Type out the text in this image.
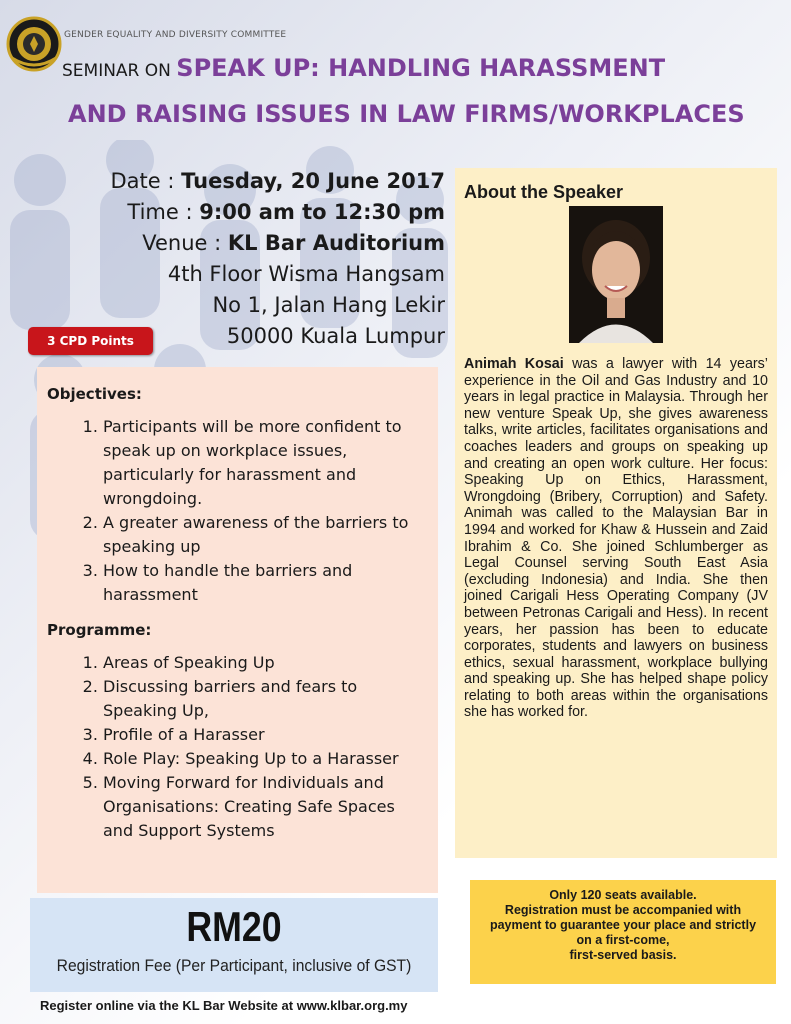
GENDER EQUALITY AND DIVERSITY COMMITTEE
SEMINAR ON SPEAK UP: HANDLING HARASSMENT
AND RAISING ISSUES IN LAW FIRMS/WORKPLACES
Date : Tuesday, 20 June 2017
Time : 9:00 am to 12:30 pm
Venue : KL Bar Auditorium
4th Floor Wisma Hangsam
No 1, Jalan Hang Lekir
50000 Kuala Lumpur
3 CPD Points
Objectives:
1. Participants will be more confident to speak up on workplace issues, particularly for harassment and wrongdoing.
2. A greater awareness of the barriers to speaking up
3. How to handle the barriers and harassment
Programme:
1. Areas of Speaking Up
2. Discussing barriers and fears to Speaking Up,
3. Profile of a Harasser
4. Role Play: Speaking Up to a Harasser
5. Moving Forward for Individuals and Organisations: Creating Safe Spaces and Support Systems
About the Speaker
Animah Kosai was a lawyer with 14 years’ experience in the Oil and Gas Industry and 10 years in legal practice in Malaysia. Through her new venture Speak Up, she gives awareness talks, write articles, facilitates organisations and coaches leaders and groups on speaking up and creating an open work culture. Her focus: Speaking Up on Ethics, Harassment, Wrongdoing (Bribery, Corruption) and Safety. Animah was called to the Malaysian Bar in 1994 and worked for Khaw & Hussein and Zaid Ibrahim & Co. She joined Schlumberger as Legal Counsel serving South East Asia (excluding Indonesia) and India. She then joined Carigali Hess Operating Company (JV between Petronas Carigali and Hess). In recent years, her passion has been to educate corporates, students and lawyers on business ethics, sexual harassment, workplace bullying and speaking up. She has helped shape policy relating to both areas within the organisations she has worked for.
Only 120 seats available.
Registration must be accompanied with
payment to guarantee your place and strictly
on a first-come,
first-served basis.
RM20
Registration Fee (Per Participant, inclusive of GST)
Register online via the KL Bar Website at www.klbar.org.my
